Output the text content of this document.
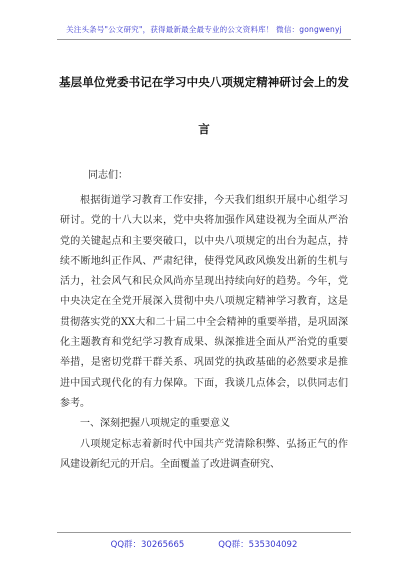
关注头条号"公文研究"，获得最新最全最专业的公文资料库！ 微信：gongwenyj
基层单位党委书记在学习中央八项规定精神研讨会上的发
言
同志们：

根据街道学习教育工作安排，今天我们组织开展中心组学习研讨。党的十八大以来，党中央将加强作风建设视为全面从严治党的关键起点和主要突破口，以中央八项规定的出台为起点，持续不断地纠正作风、严肃纪律，使得党风政风焕发出新的生机与活力，社会风气和民众风尚亦呈现出持续向好的趋势。今年，党中央决定在全党开展深入贯彻中央八项规定精神学习教育，这是贯彻落实党的XX大和二十届二中全会精神的重要举措，是巩固深化主题教育和党纪学习教育成果、纵深推进全面从严治党的重要举措，是密切党群干群关系、巩固党的执政基础的必然要求是推进中国式现代化的有力保障。下面，我谈几点体会，以供同志们参考。

一、深刻把握八项规定的重要意义

八项规定标志着新时代中国共产党清除积弊、弘扬正气的作风建设新纪元的开启。全面覆盖了改进调查研究、

QQ群：30265665	QQ群：535304092
